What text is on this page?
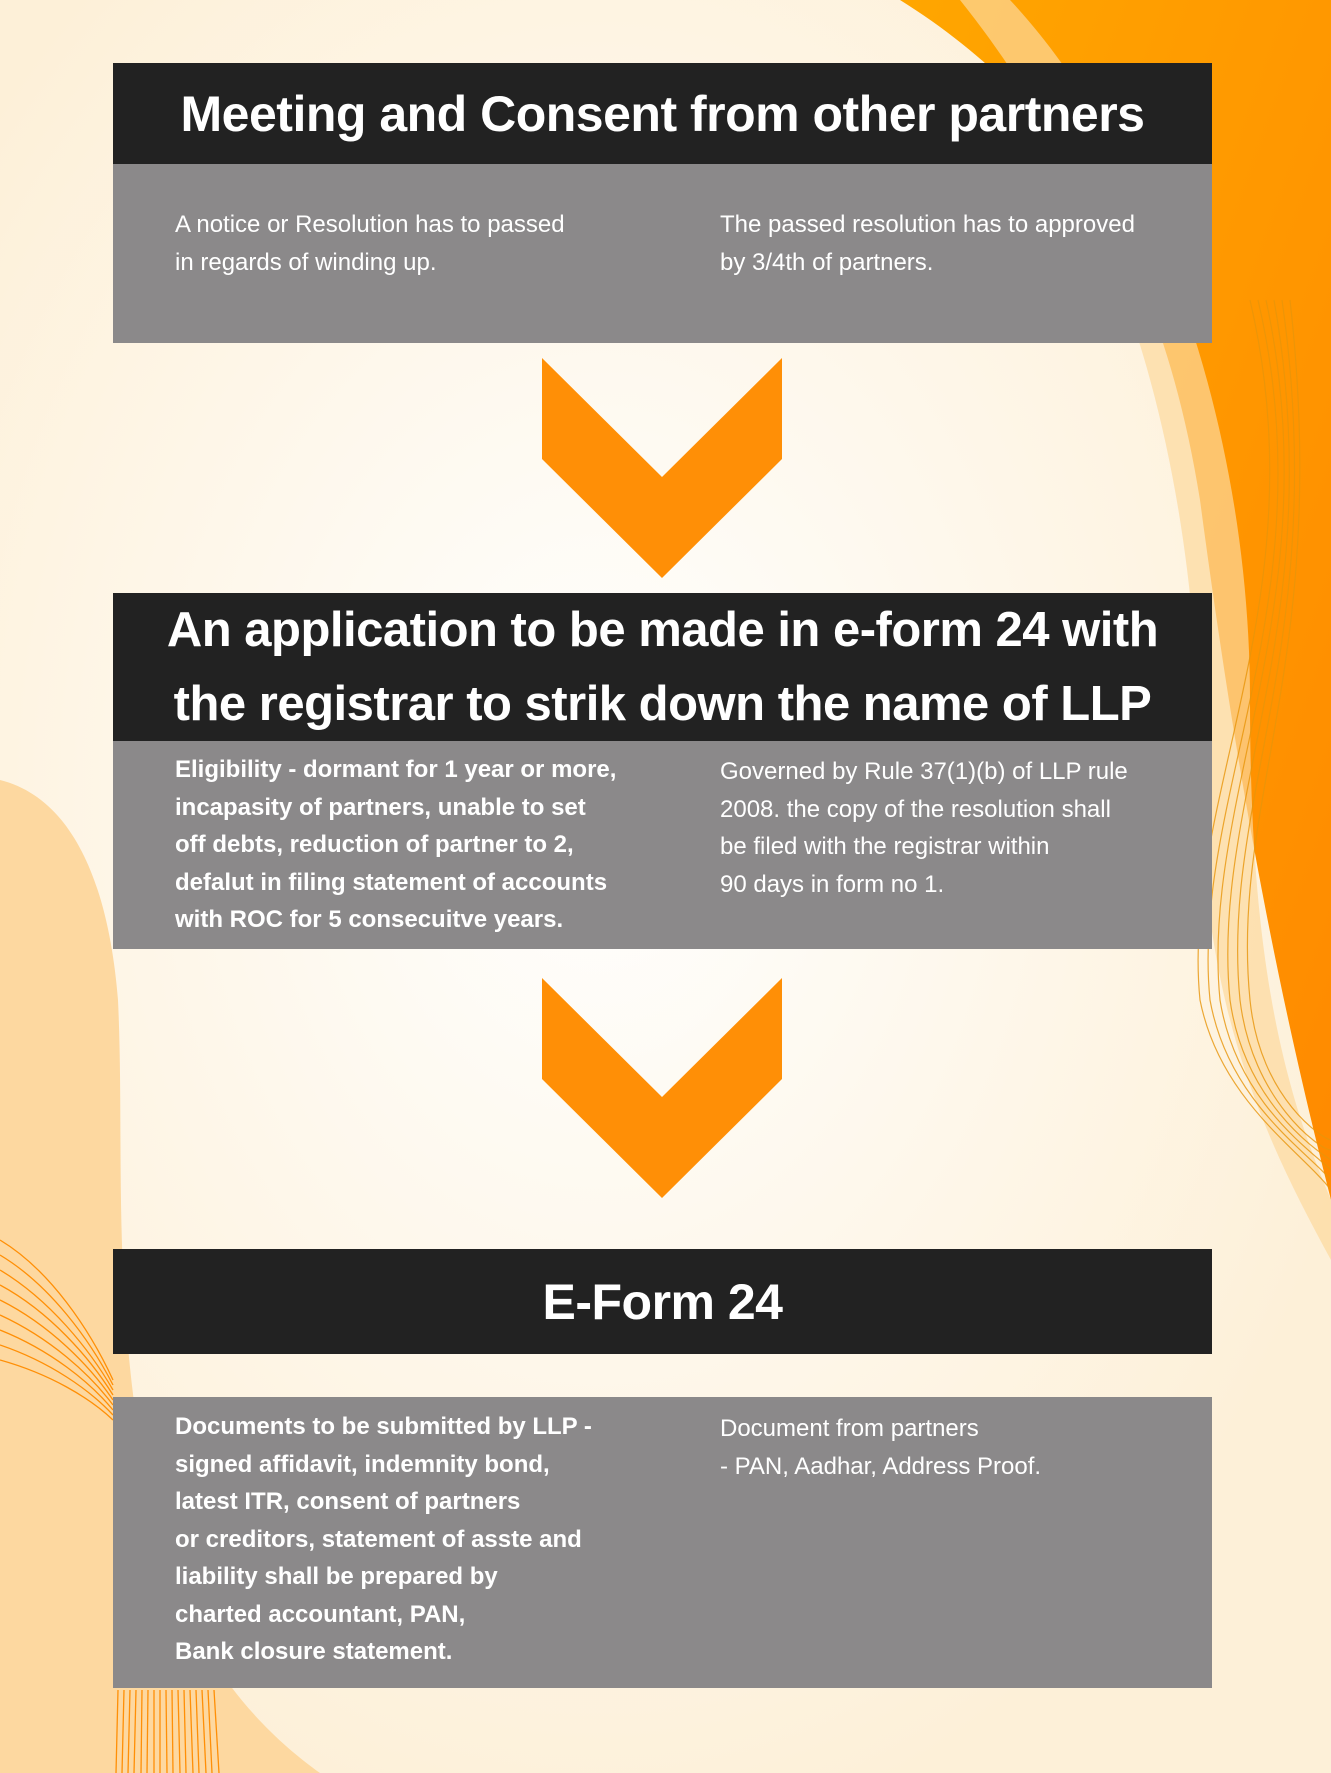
Meeting and Consent from other partners
A notice or Resolution has to passed
in regards of winding up.
The passed resolution has to approved
by 3/4th of partners.
An application to be made in e-form 24 with
the registrar to strik down the name of LLP
Eligibility - dormant for 1 year or more,
incapasity of partners, unable to set
off debts, reduction of partner to 2,
defalut in filing statement of accounts
with ROC for 5 consecuitve years.
Governed by Rule 37(1)(b) of LLP rule
2008. the copy of the resolution shall
be filed with the registrar within
90 days in form no 1.
E-Form 24
Documents to be submitted by LLP -
signed affidavit, indemnity bond,
latest ITR, consent of partners
or creditors, statement of asste and
liability shall be prepared by
charted accountant, PAN,
Bank closure statement.
Document from partners
- PAN, Aadhar, Address Proof.
